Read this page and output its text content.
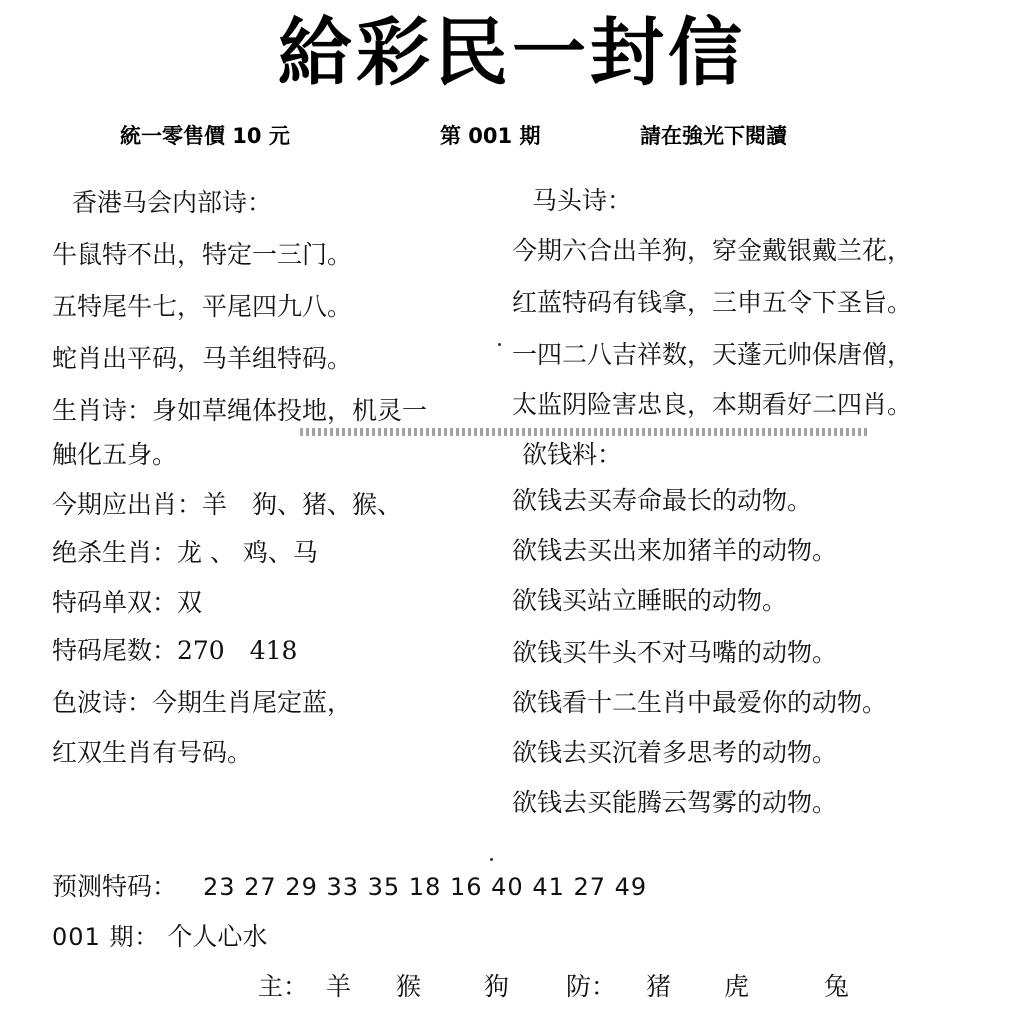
給彩民一封信
統一零售價 10 元	第 001 期	請在強光下閱讀
香港马会内部诗：
牛鼠特不出，特定一三门。
五特尾牛七，平尾四九八。
蛇肖出平码，马羊组特码。
生肖诗：身如草绳体投地，机灵一
触化五身。
今期应出肖：羊　狗、猪、猴、
绝杀生肖：龙 、 鸡、马
特码单双：双
特码尾数：270　418
色波诗：今期生肖尾定蓝，
红双生肖有号码。
马头诗：
今期六合出羊狗，穿金戴银戴兰花，
红蓝特码有钱拿，三申五令下圣旨。
一四二八吉祥数，天蓬元帅保唐僧，
太监阴险害忠良，本期看好二四肖。
欲钱料：
欲钱去买寿命最长的动物。
欲钱去买出来加猪羊的动物。
欲钱买站立睡眠的动物。
欲钱买牛头不对马嘴的动物。
欲钱看十二生肖中最爱你的动物。
欲钱去买沉着多思考的动物。
欲钱去买能腾云驾雾的动物。
预测特码： 23 27 29 33 35 18 16 40 41 27 49
001 期： 个人心水
主： 羊　猴　 狗 防： 猪　虎　 兔
